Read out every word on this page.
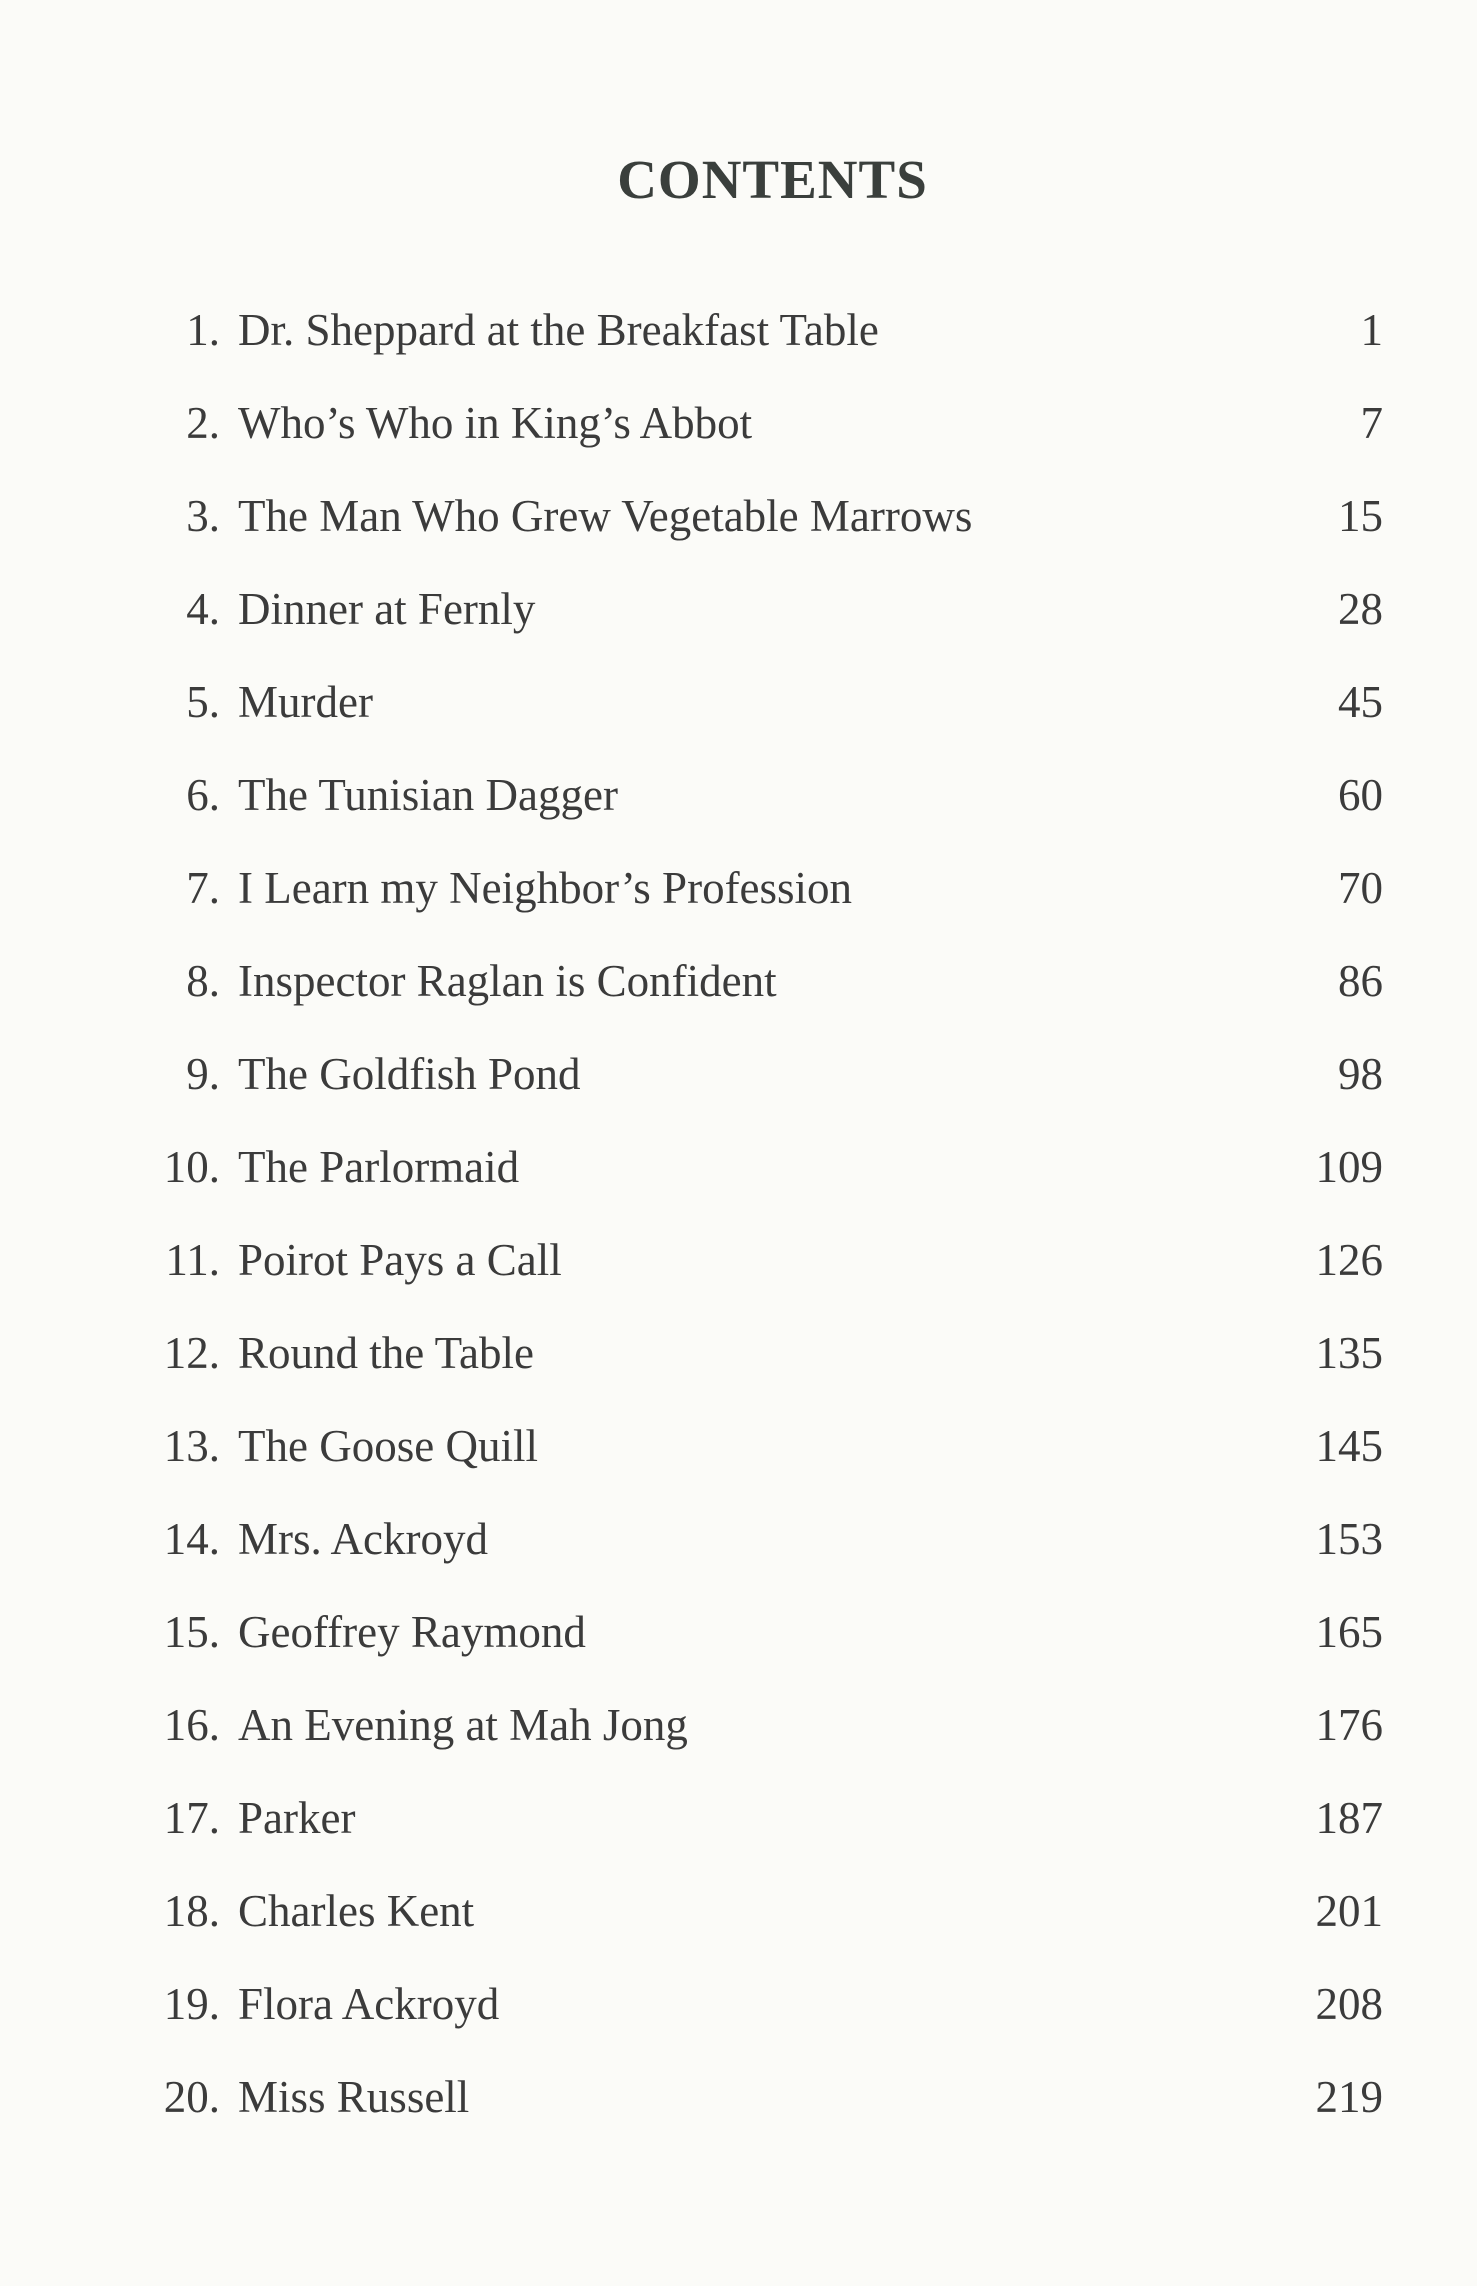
CONTENTS
1. Dr. Sheppard at the Breakfast Table	1
2. Who’s Who in King’s Abbot	7
3. The Man Who Grew Vegetable Marrows	15
4. Dinner at Fernly	28
5. Murder	45
6. The Tunisian Dagger	60
7. I Learn my Neighbor’s Profession	70
8. Inspector Raglan is Confident	86
9. The Goldfish Pond	98
10. The Parlormaid	109
11. Poirot Pays a Call	126
12. Round the Table	135
13. The Goose Quill	145
14. Mrs. Ackroyd	153
15. Geoffrey Raymond	165
16. An Evening at Mah Jong	176
17. Parker	187
18. Charles Kent	201
19. Flora Ackroyd	208
20. Miss Russell	219
